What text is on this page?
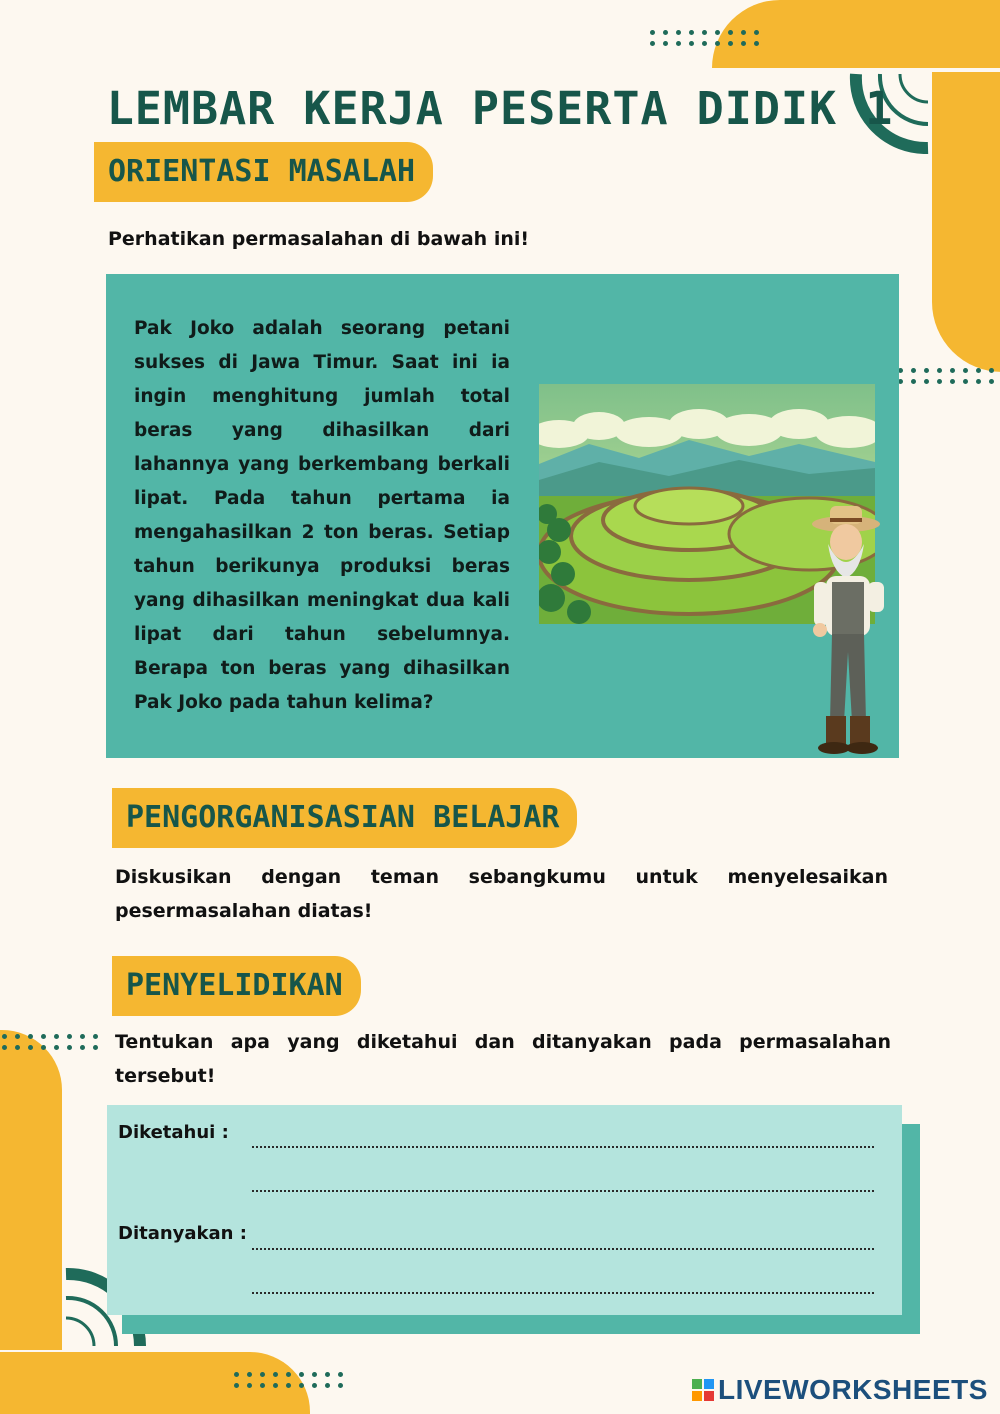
LEMBAR KERJA PESERTA DIDIK 1
ORIENTASI MASALAH
Perhatikan permasalahan di bawah ini!

Pak Joko adalah seorang petani sukses di Jawa Timur. Saat ini ia ingin menghitung jumlah total beras yang dihasilkan dari lahannya yang berkembang berkali lipat. Pada tahun pertama ia mengahasilkan 2 ton beras. Setiap tahun berikunya produksi beras yang dihasilkan meningkat dua kali lipat dari tahun sebelumnya. Berapa ton beras yang dihasilkan Pak Joko pada tahun kelima?

PENGORGANISASIAN BELAJAR

Diskusikan dengan teman sebangkumu untuk menyelesaikan pesermasalahan diatas!

PENYELIDIKAN

Tentukan apa yang diketahui dan ditanyakan pada permasalahan tersebut!

Diketahui :
Ditanyakan :
LIVEWORKSHEETS
